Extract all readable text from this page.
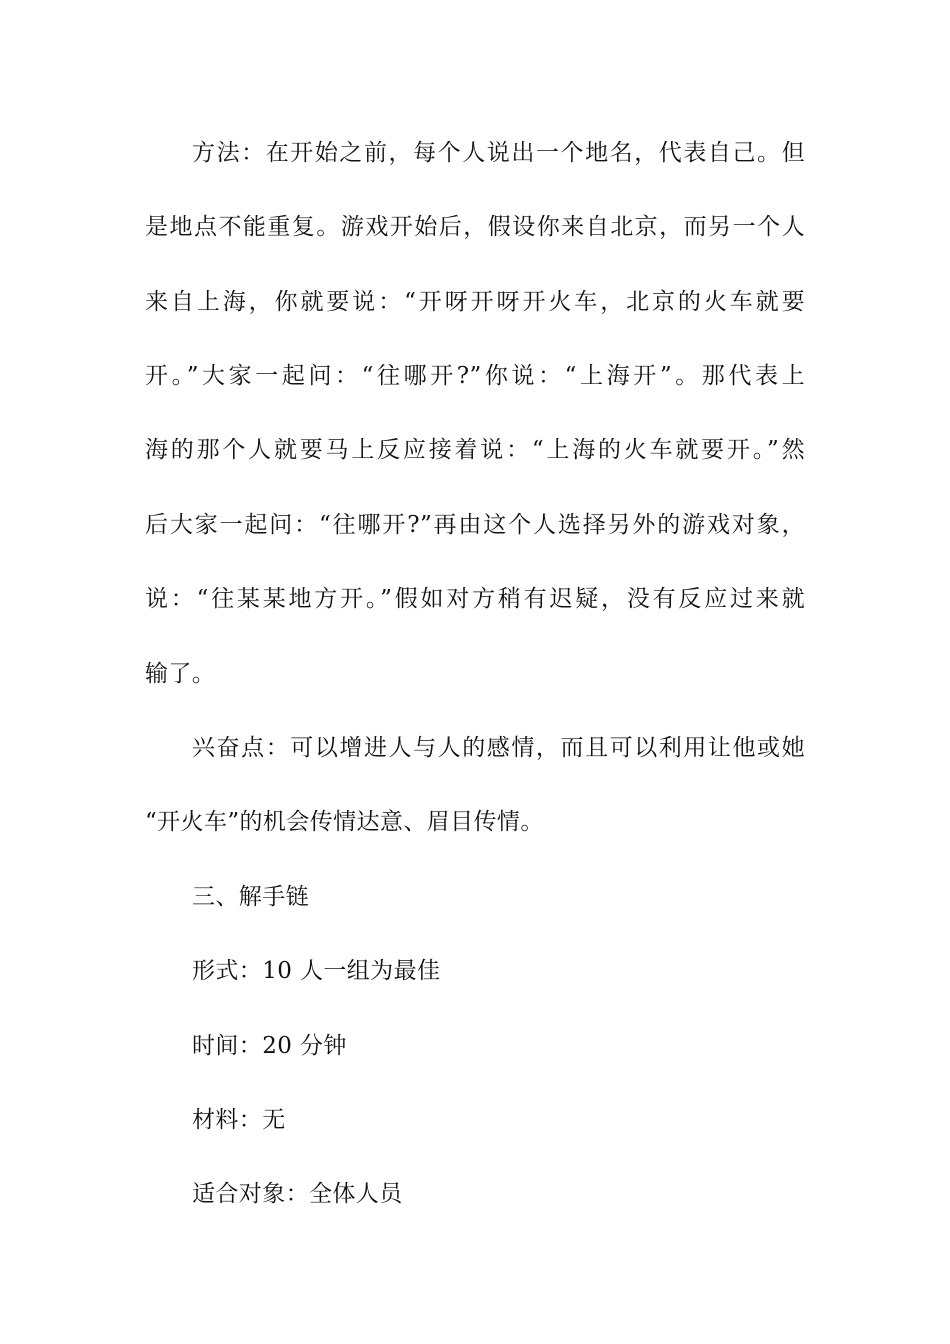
方法：在开始之前，每个人说出一个地名，代表自己。但
是地点不能重复。游戏开始后，假设你来自北京，而另一个人
来自上海，你就要说：“开呀开呀开火车，北京的火车就要
开。”大家一起问：“往哪开?”你说：“上海开”。那代表上
海的那个人就要马上反应接着说：“上海的火车就要开。”然
后大家一起问：“往哪开?”再由这个人选择另外的游戏对象，
说：“往某某地方开。”假如对方稍有迟疑，没有反应过来就
输了。
兴奋点：可以增进人与人的感情，而且可以利用让他或她
“开火车”的机会传情达意、眉目传情。
三、解手链
形式：10 人一组为最佳
时间：20 分钟
材料：无
适合对象：全体人员
